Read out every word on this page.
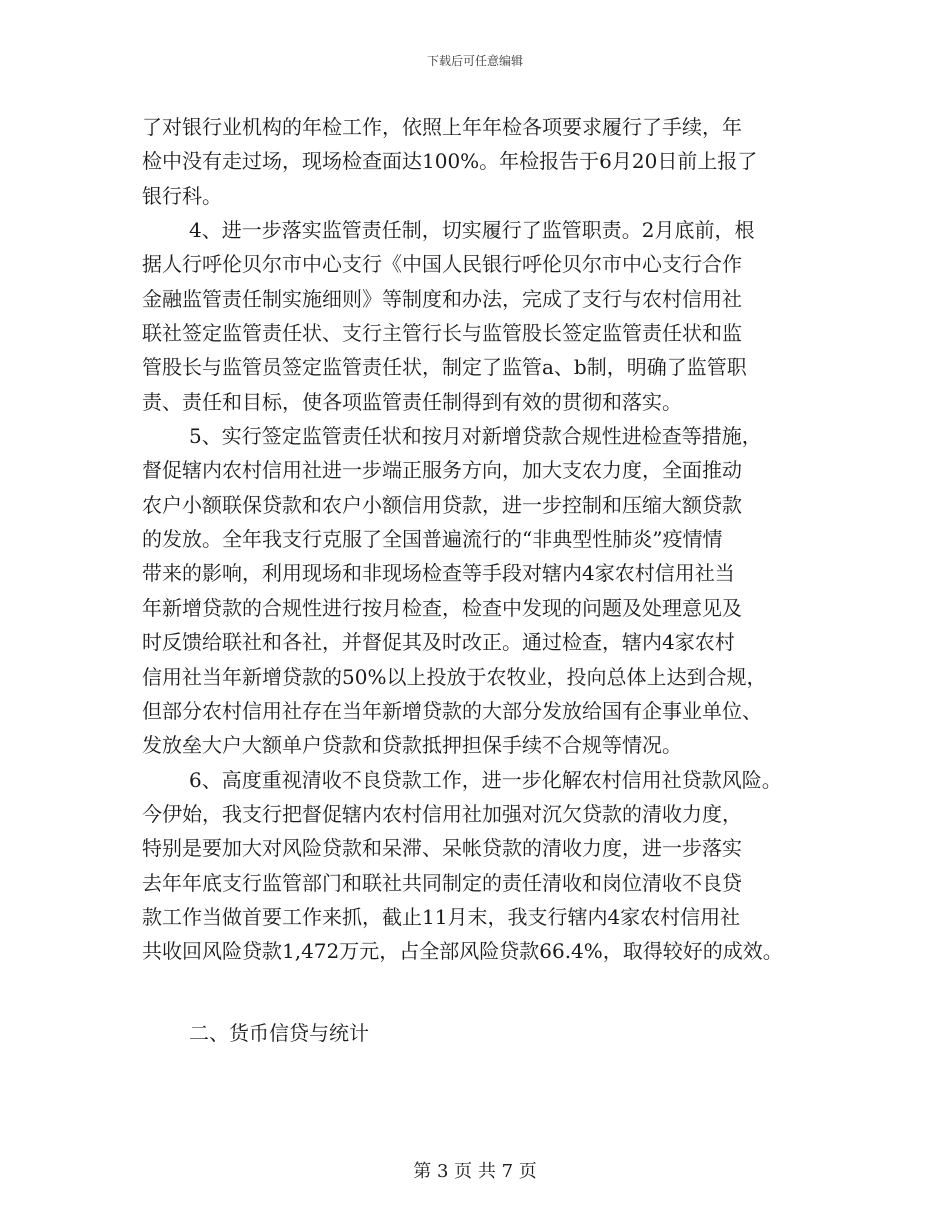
下载后可任意编辑
了对银行业机构的年检工作，依照上年年检各项要求履行了手续，年
检中没有走过场，现场检查面达100%。年检报告于6月20日前上报了
银行科。
4、进一步落实监管责任制，切实履行了监管职责。2月底前，根
据人行呼伦贝尔市中心支行《中国人民银行呼伦贝尔市中心支行合作
金融监管责任制实施细则》等制度和办法，完成了支行与农村信用社
联社签定监管责任状、支行主管行长与监管股长签定监管责任状和监
管股长与监管员签定监管责任状，制定了监管a、b制，明确了监管职
责、责任和目标，使各项监管责任制得到有效的贯彻和落实。
5、实行签定监管责任状和按月对新增贷款合规性进检查等措施，
督促辖内农村信用社进一步端正服务方向，加大支农力度，全面推动
农户小额联保贷款和农户小额信用贷款，进一步控制和压缩大额贷款
的发放。全年我支行克服了全国普遍流行的“非典型性肺炎”疫情情
带来的影响，利用现场和非现场检查等手段对辖内4家农村信用社当
年新增贷款的合规性进行按月检查，检查中发现的问题及处理意见及
时反馈给联社和各社，并督促其及时改正。通过检查，辖内4家农村
信用社当年新增贷款的50%以上投放于农牧业，投向总体上达到合规，
但部分农村信用社存在当年新增贷款的大部分发放给国有企事业单位、
发放垒大户大额单户贷款和贷款抵押担保手续不合规等情况。
6、高度重视清收不良贷款工作，进一步化解农村信用社贷款风险。
今伊始，我支行把督促辖内农村信用社加强对沉欠贷款的清收力度，
特别是要加大对风险贷款和呆滞、呆帐贷款的清收力度，进一步落实
去年年底支行监管部门和联社共同制定的责任清收和岗位清收不良贷
款工作当做首要工作来抓，截止11月末，我支行辖内4家农村信用社
共收回风险贷款1,472万元，占全部风险贷款66.4%，取得较好的成效。
二、货币信贷与统计
第 3 页 共 7 页
